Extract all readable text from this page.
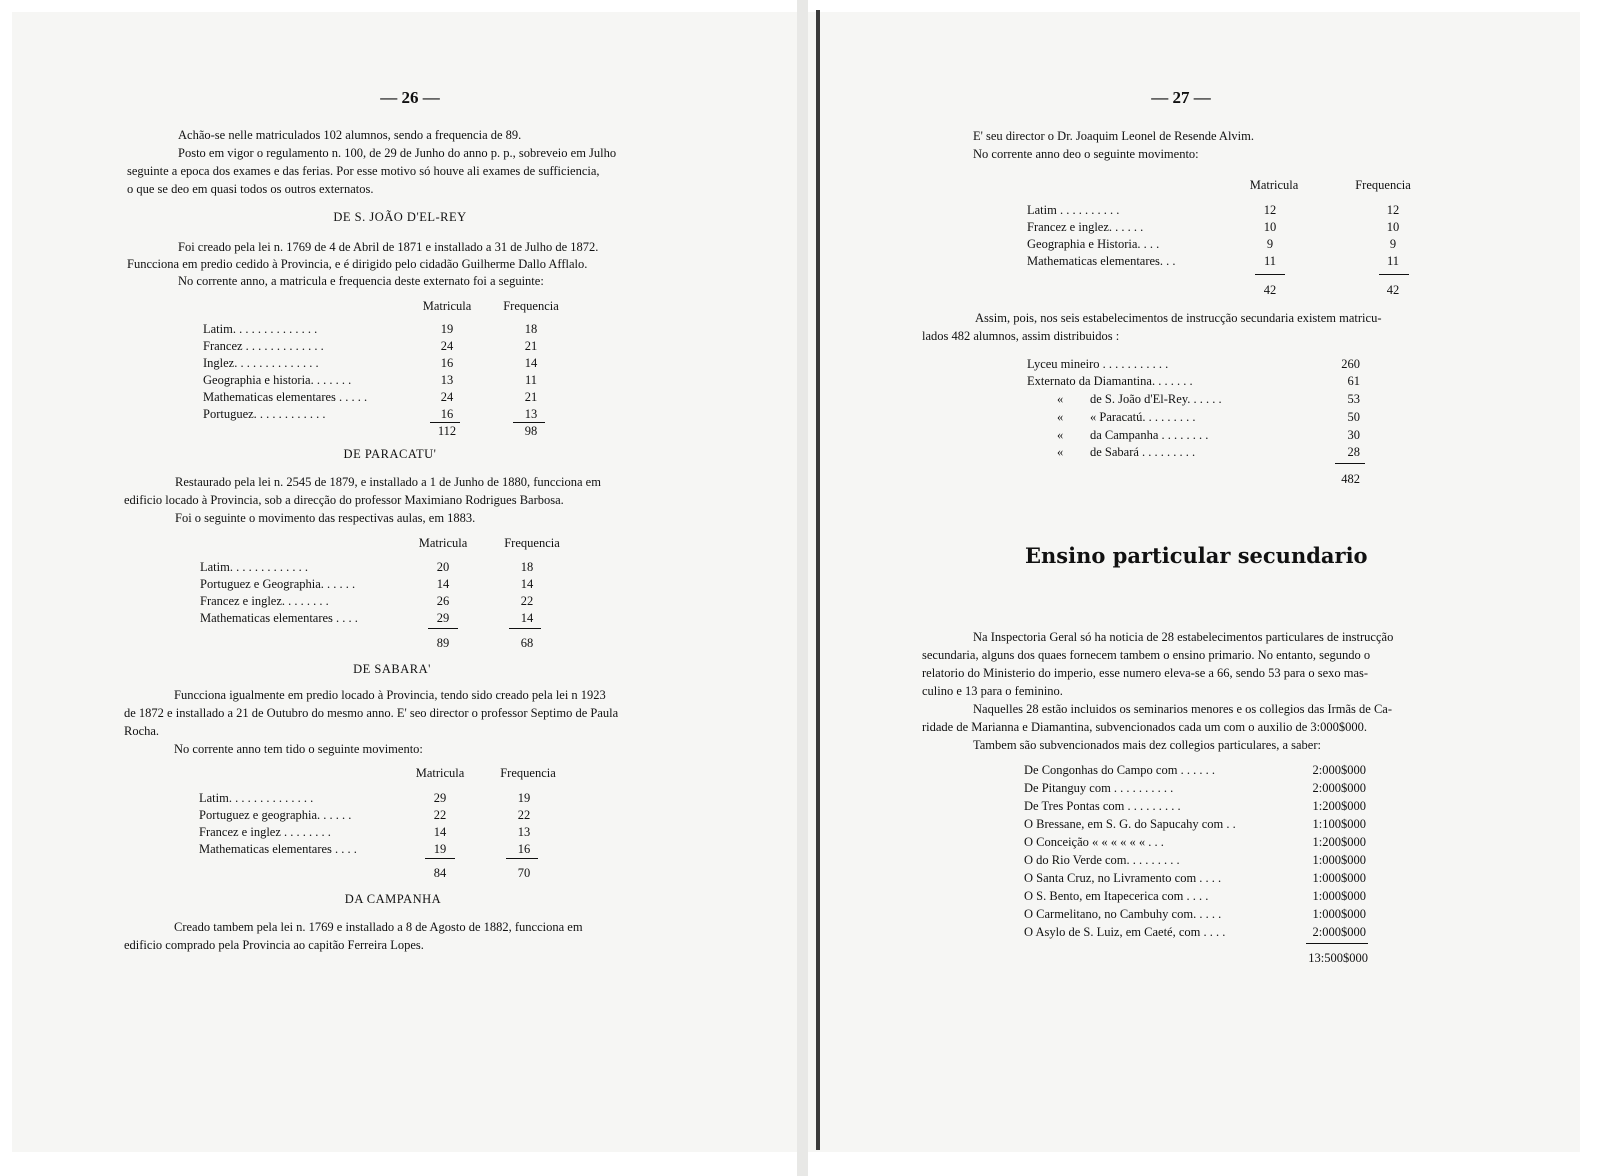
— 26 —
Achão-se nelle matriculados 102 alumnos, sendo a frequencia de 89.
Posto em vigor o regulamento n. 100, de 29 de Junho do anno p. p., sobreveio em Julho
seguinte a epoca dos exames e das ferias. Por esse motivo só houve ali exames de sufficiencia,
o que se deo em quasi todos os outros externatos.
DE S. JOÃO D'EL-REY
Foi creado pela lei n. 1769 de 4 de Abril de 1871 e installado a 31 de Julho de 1872.
Funcciona em predio cedido à Provincia, e é dirigido pelo cidadão Guilherme Dallo Afflalo.
No corrente anno, a matricula e frequencia deste externato foi a seguinte:
Matricula	Frequencia
Latim. . . . . . . . . . . . . .	19	18
Francez . . . . . . . . . . . . .	24	21
Inglez. . . . . . . . . . . . . .	16	14
Geographia e historia. . . . . . .	13	11
Mathematicas elementares . . . . .	24	21
Portuguez. . . . . . . . . . . .	16	13
112	98
DE PARACATU'
Restaurado pela lei n. 2545 de 1879, e installado a 1 de Junho de 1880, funcciona em
edificio locado à Provincia, sob a direcção do professor Maximiano Rodrigues Barbosa.
Foi o seguinte o movimento das respectivas aulas, em 1883.
Matricula	Frequencia
Latim. . . . . . . . . . . . .	20	18
Portuguez e Geographia. . . . . .	14	14
Francez e inglez. . . . . . . .	26	22
Mathematicas elementares . . . .	29	14
89	68
DE SABARA'
Funcciona igualmente em predio locado à Provincia, tendo sido creado pela lei n 1923
de 1872 e installado a 21 de Outubro do mesmo anno. E' seo director o professor Septimo de Paula
Rocha.
No corrente anno tem tido o seguinte movimento:
Matricula	Frequencia
Latim. . . . . . . . . . . . . .	29	19
Portuguez e geographia. . . . . .	22	22
Francez e inglez . . . . . . . .	14	13
Mathematicas elementares . . . .	19	16
84	70
DA CAMPANHA
Creado tambem pela lei n. 1769 e installado a 8 de Agosto de 1882, funcciona em
edificio comprado pela Provincia ao capitão Ferreira Lopes.
— 27 —
E' seu director o Dr. Joaquim Leonel de Resende Alvim.
No corrente anno deo o seguinte movimento:
Matricula	Frequencia
Latim . . . . . . . . . .	12	12
Francez e inglez. . . . . .	10	10
Geographia e Historia. . . .	9	9
Mathematicas elementares. . .	11	11
42	42
Assim, pois, nos seis estabelecimentos de instrucção secundaria existem matricu-
lados 482 alumnos, assim distribuidos :
Lyceu mineiro . . . . . . . . . . .	260
Externato da Diamantina. . . . . . .	61
« de S. João d'El-Rey. . . . . .	53
« « Paracatú. . . . . . . . .	50
« da Campanha . . . . . . . .	30
« de Sabará . . . . . . . . .	28
482
Ensino particular secundario
Na Inspectoria Geral só ha noticia de 28 estabelecimentos particulares de instrucção
secundaria, alguns dos quaes fornecem tambem o ensino primario. No entanto, segundo o
relatorio do Ministerio do imperio, esse numero eleva-se a 66, sendo 53 para o sexo mas-
culino e 13 para o feminino.
Naquelles 28 estão incluidos os seminarios menores e os collegios das Irmãs de Ca-
ridade de Marianna e Diamantina, subvencionados cada um com o auxilio de 3:000$000.
Tambem são subvencionados mais dez collegios particulares, a saber:
De Congonhas do Campo com . . . . . .	2:000$000
De Pitanguy com . . . . . . . . . .	2:000$000
De Tres Pontas com . . . . . . . . .	1:200$000
O Bressane, em S. G. do Sapucahy com . .	1:100$000
O Conceição « « « « « « . . .	1:200$000
O do Rio Verde com. . . . . . . . .	1:000$000
O Santa Cruz, no Livramento com . . . .	1:000$000
O S. Bento, em Itapecerica com . . . .	1:000$000
O Carmelitano, no Cambuhy com. . . . .	1:000$000
O Asylo de S. Luiz, em Caeté, com . . . .	2:000$000
13:500$000
